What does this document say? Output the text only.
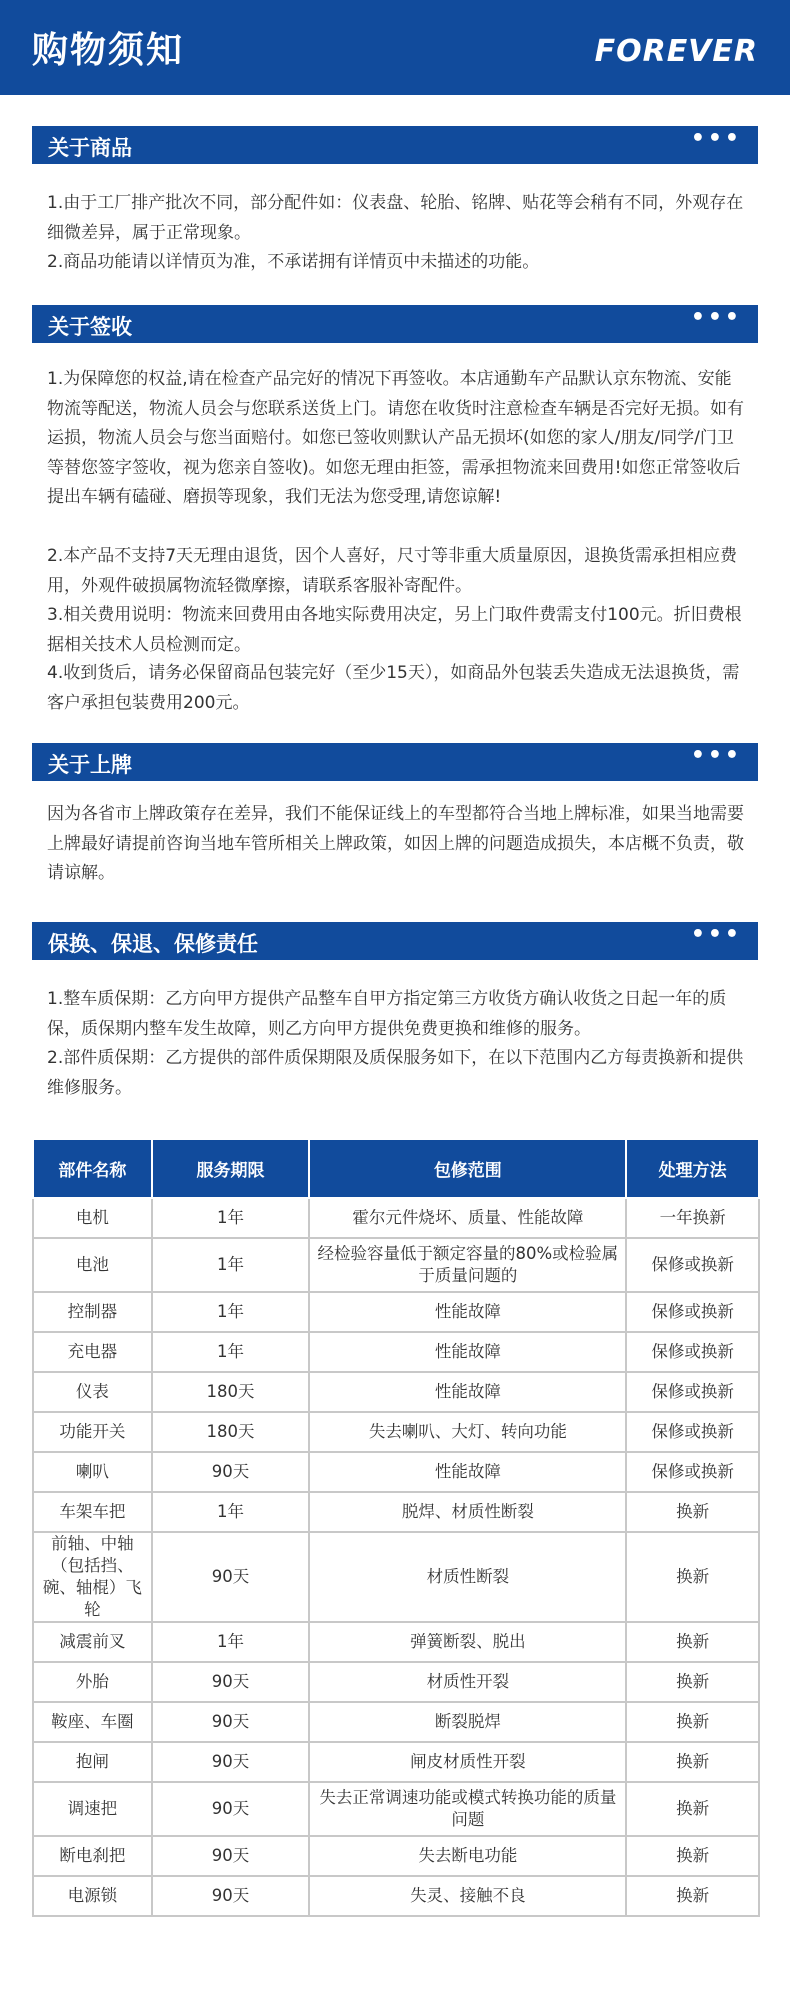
购物须知	FOREVER
关于商品	•••

1.由于工厂排产批次不同，部分配件如：仪表盘、轮胎、铭牌、贴花等会稍有不同，外观存在细微差异，属于正常现象。

2.商品功能请以详情页为准，不承诺拥有详情页中未描述的功能。

关于签收	•••

1.为保障您的权益,请在检查产品完好的情况下再签收。本店通勤车产品默认京东物流、安能物流等配送，物流人员会与您联系送货上门。请您在收货时注意检查车辆是否完好无损。如有运损，物流人员会与您当面赔付。如您已签收则默认产品无损坏(如您的家人/朋友/同学/门卫等替您签字签收，视为您亲自签收)。如您无理由拒签，需承担物流来回费用!如您正常签收后提出车辆有磕碰、磨损等现象，我们无法为您受理,请您谅解!

2.本产品不支持7天无理由退货，因个人喜好，尺寸等非重大质量原因，退换货需承担相应费用，外观件破损属物流轻微摩擦，请联系客服补寄配件。

3.相关费用说明：物流来回费用由各地实际费用决定，另上门取件费需支付100元。折旧费根据相关技术人员检测而定。

4.收到货后，请务必保留商品包装完好（至少15天），如商品外包装丢失造成无法退换货，需客户承担包装费用200元。

关于上牌	•••

因为各省市上牌政策存在差异，我们不能保证线上的车型都符合当地上牌标准，如果当地需要上牌最好请提前咨询当地车管所相关上牌政策，如因上牌的问题造成损失，本店概不负责，敬请谅解。

保换、保退、保修责任	•••

1.整车质保期：乙方向甲方提供产品整车自甲方指定第三方收货方确认收货之日起一年的质保，质保期内整车发生故障，则乙方向甲方提供免费更换和维修的服务。

2.部件质保期：乙方提供的部件质保期限及质保服务如下，在以下范围内乙方每责换新和提供维修服务。

部件名称	服务期限	包修范围	处理方法
电机	1年	霍尔元件烧坏、质量、性能故障	一年换新
电池	1年	经检验容量低于额定容量的80%或检验属于质量问题的	保修或换新
控制器	1年	性能故障	保修或换新
充电器	1年	性能故障	保修或换新
仪表	180天	性能故障	保修或换新
功能开关	180天	失去喇叭、大灯、转向功能	保修或换新
喇叭	90天	性能故障	保修或换新
车架车把	1年	脱焊、材质性断裂	换新
前轴、中轴（包括挡、碗、轴棍）飞轮	90天	材质性断裂	换新
减震前叉	1年	弹簧断裂、脱出	换新
外胎	90天	材质性开裂	换新
鞍座、车圈	90天	断裂脱焊	换新
抱闸	90天	闸皮材质性开裂	换新
调速把	90天	失去正常调速功能或模式转换功能的质量问题	换新
断电刹把	90天	失去断电功能	换新
电源锁	90天	失灵、接触不良	换新
